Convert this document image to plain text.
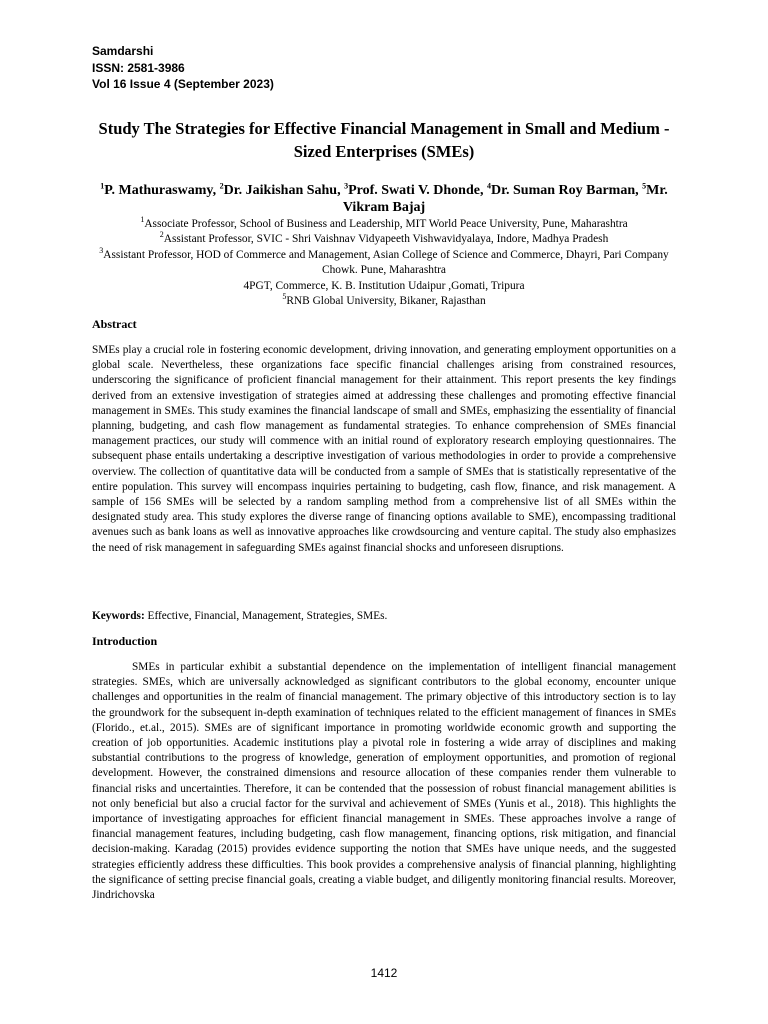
Samdarshi
ISSN: 2581-3986
Vol 16 Issue 4 (September 2023)
Study The Strategies for Effective Financial Management in Small and Medium -Sized Enterprises (SMEs)
$^1$P. Mathuraswamy, $^2$Dr. Jaikishan Sahu, $^3$Prof. Swati V. Dhonde, $^4$Dr. Suman Roy Barman, $^5$Mr. Vikram Bajaj

$^1$Associate Professor, School of Business and Leadership, MIT World Peace University, Pune, Maharashtra

$^2$Assistant Professor, SVIC - Shri Vaishnav Vidyapeeth Vishwavidyalaya, Indore, Madhya Pradesh

$^3$Assistant Professor, HOD of Commerce and Management, Asian College of Science and Commerce, Dhayri, Pari Company Chowk. Pune, Maharashtra

4PGT, Commerce, K. B. Institution Udaipur ,Gomati, Tripura

$^5$RNB Global University, Bikaner, Rajasthan

Abstract
SMEs play a crucial role in fostering economic development, driving innovation, and generating employment opportunities on a global scale. Nevertheless, these organizations face specific financial challenges arising from constrained resources, underscoring the significance of proficient financial management for their attainment. This report presents the key findings derived from an extensive investigation of strategies aimed at addressing these challenges and promoting effective financial management in SMEs. This study examines the financial landscape of small and SMEs, emphasizing the essentiality of financial planning, budgeting, and cash flow management as fundamental strategies. To enhance comprehension of SMEs financial management practices, our study will commence with an initial round of exploratory research employing questionnaires. The subsequent phase entails undertaking a descriptive investigation of various methodologies in order to provide a comprehensive overview. The collection of quantitative data will be conducted from a sample of SMEs that is statistically representative of the entire population. This survey will encompass inquiries pertaining to budgeting, cash flow, finance, and risk management. A sample of 156 SMEs will be selected by a random sampling method from a comprehensive list of all SMEs within the designated study area. This study explores the diverse range of financing options available to SME), encompassing traditional avenues such as bank loans as well as innovative approaches like crowdsourcing and venture capital. The study also emphasizes the need of risk management in safeguarding SMEs against financial shocks and unforeseen disruptions.
Keywords: Effective, Financial, Management, Strategies, SMEs.
Introduction
SMEs in particular exhibit a substantial dependence on the implementation of intelligent financial management strategies. SMEs, which are universally acknowledged as significant contributors to the global economy, encounter unique challenges and opportunities in the realm of financial management. The primary objective of this introductory section is to lay the groundwork for the subsequent in-depth examination of techniques related to the efficient management of finances in SMEs (Florido., et.al., 2015). SMEs are of significant importance in promoting worldwide economic growth and supporting the creation of job opportunities. Academic institutions play a pivotal role in fostering a wide array of disciplines and making substantial contributions to the progress of knowledge, generation of employment opportunities, and promotion of regional development. However, the constrained dimensions and resource allocation of these companies render them vulnerable to financial risks and uncertainties. Therefore, it can be contended that the possession of robust financial management abilities is not only beneficial but also a crucial factor for the survival and achievement of SMEs (Yunis et al., 2018). This highlights the importance of investigating approaches for efficient financial management in SMEs. These approaches involve a range of financial management features, including budgeting, cash flow management, financing options, risk mitigation, and financial decision-making. Karadag (2015) provides evidence supporting the notion that SMEs have unique needs, and the suggested strategies efficiently address these difficulties. This book provides a comprehensive analysis of financial planning, highlighting the significance of setting precise financial goals, creating a viable budget, and diligently monitoring financial results. Moreover, Jindrichovska
1412
